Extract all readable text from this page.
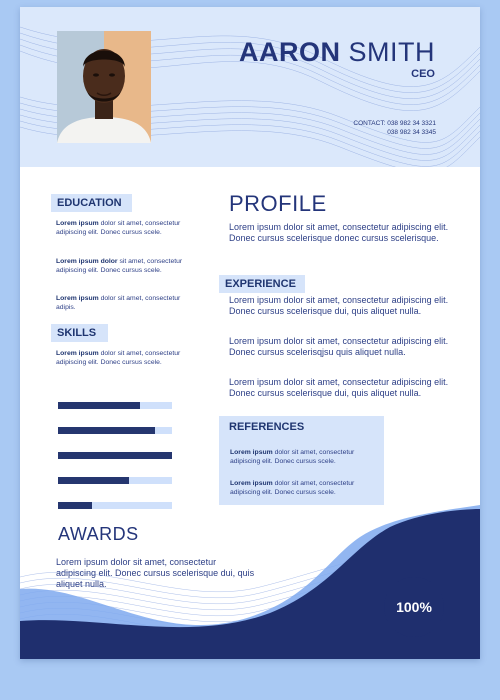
AARON SMITH
CEO
CONTACT: 038 982 34 3321
038 982 34 3345
EDUCATION
Lorem ipsum dolor sit amet, consectetur adipiscing elit. Donec cursus scele.
Lorem ipsum dolor sit amet, consectetur adipiscing elit. Donec cursus scele.
Lorem ipsum dolor sit amet, consectetur adipis.
SKILLS
Lorem ipsum dolor sit amet, consectetur adipiscing elit. Donec cursus scele.
PROFILE
Lorem ipsum dolor sit amet, consectetur adipiscing elit. Donec cursus scelerisque donec cursus scelerisque.
EXPERIENCE
Lorem ipsum dolor sit amet, consectetur adipiscing elit. Donec cursus scelerisque dui, quis aliquet nulla.
Lorem ipsum dolor sit amet, consectetur adipiscing elit. Donec cursus scelerisqjsu quis aliquet nulla.
Lorem ipsum dolor sit amet, consectetur adipiscing elit. Donec cursus scelerisque dui, quis aliquet nulla.
REFERENCES
Lorem ipsum dolor sit amet, consectetur adipiscing elit. Donec cursus scele.
Lorem ipsum dolor sit amet, consectetur adipiscing elit. Donec cursus scele.
AWARDS
Lorem ipsum dolor sit amet, consectetur adipiscing elit. Donec cursus scelerisque dui, quis aliquet nulla.
100%
